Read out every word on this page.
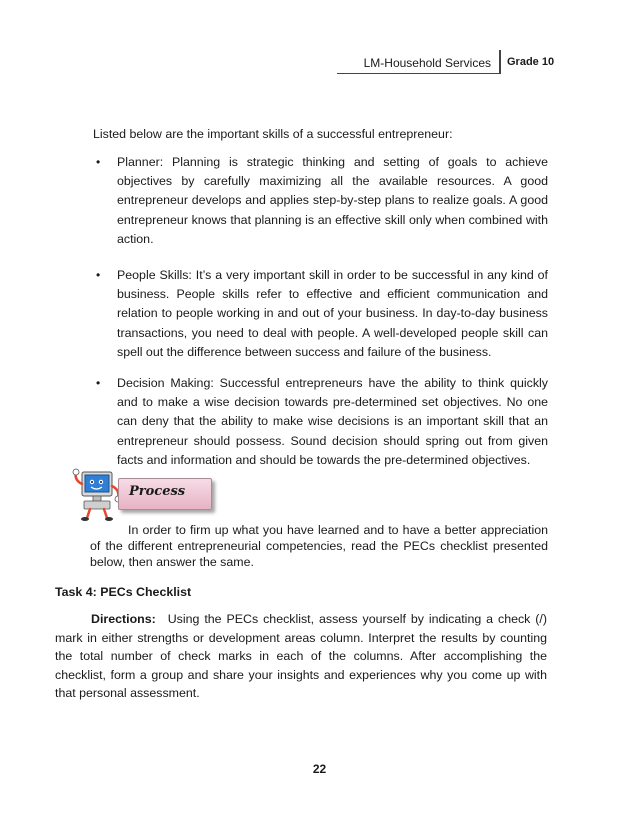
LM-Household Services	Grade 10
Listed below are the important skills of a successful entrepreneur:
• Planner: Planning is strategic thinking and setting of goals to achieve objectives by carefully maximizing all the available resources. A good entrepreneur develops and applies step-by-step plans to realize goals. A good entrepreneur knows that planning is an effective skill only when combined with action.
• People Skills: It’s a very important skill in order to be successful in any kind of business. People skills refer to effective and efficient communication and relation to people working in and out of your business. In day-to-day business transactions, you need to deal with people. A well-developed people skill can spell out the difference between success and failure of the business.
• Decision Making: Successful entrepreneurs have the ability to think quickly and to make a wise decision towards pre-determined set objectives. No one can deny that the ability to make wise decisions is an important skill that an entrepreneur should possess. Sound decision should spring out from given facts and information and should be towards the pre-determined objectives.
Process
In order to firm up what you have learned and to have a better appreciation of the different entrepreneurial competencies, read the PECs checklist presented below, then answer the same.
Task 4: PECs Checklist
Directions: Using the PECs checklist, assess yourself by indicating a check (/) mark in either strengths or development areas column. Interpret the results by counting the total number of check marks in each of the columns. After accomplishing the checklist, form a group and share your insights and experiences why you come up with that personal assessment.
22
